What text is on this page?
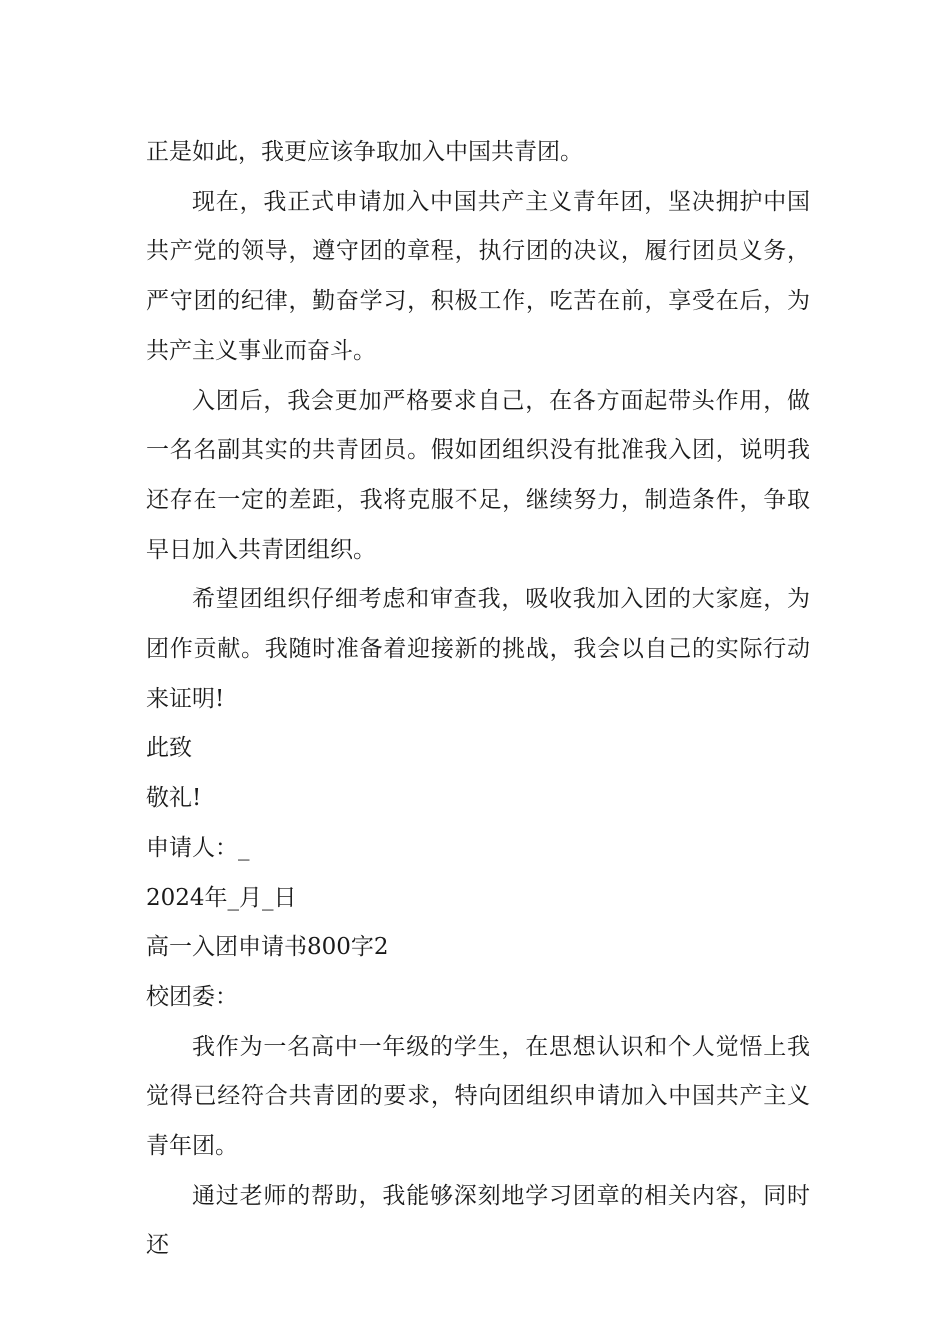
正是如此，我更应该争取加入中国共青团。

现在，我正式申请加入中国共产主义青年团，坚决拥护中国共产党的领导，遵守团的章程，执行团的决议，履行团员义务，严守团的纪律，勤奋学习，积极工作，吃苦在前，享受在后，为共产主义事业而奋斗。

入团后，我会更加严格要求自己，在各方面起带头作用，做一名名副其实的共青团员。假如团组织没有批准我入团，说明我还存在一定的差距，我将克服不足，继续努力，制造条件，争取早日加入共青团组织。

希望团组织仔细考虑和审查我，吸收我加入团的大家庭，为团作贡献。我随时准备着迎接新的挑战，我会以自己的实际行动来证明!

此致

敬礼!

申请人：_

2024年_月_日

高一入团申请书800字2

校团委：

我作为一名高中一年级的学生，在思想认识和个人觉悟上我觉得已经符合共青团的要求，特向团组织申请加入中国共产主义青年团。

通过老师的帮助，我能够深刻地学习团章的相关内容，同时还
